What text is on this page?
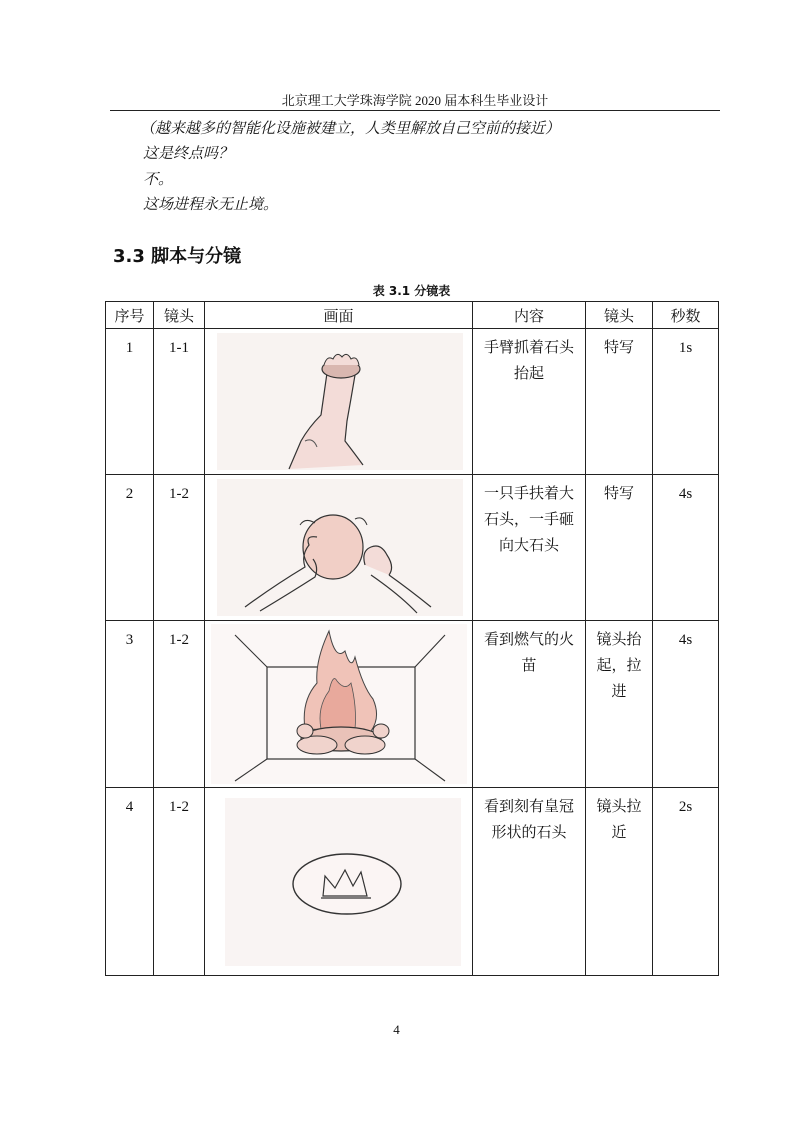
北京理工大学珠海学院 2020 届本科生毕业设计
（越来越多的智能化设施被建立，人类里解放自己空前的接近）
这是终点吗？
不。
这场进程永无止境。
3.3 脚本与分镜
表 3.1 分镜表
序号	镜头	画面	内容	镜头	秒数
1	1-1		手臂抓着石头抬起	特写	1s
2	1-2		一只手扶着大石头，一手砸向大石头	特写	4s
3	1-2		看到燃气的火苗	镜头抬起，拉进	4s
4	1-2		看到刻有皇冠形状的石头	镜头拉近	2s
4
